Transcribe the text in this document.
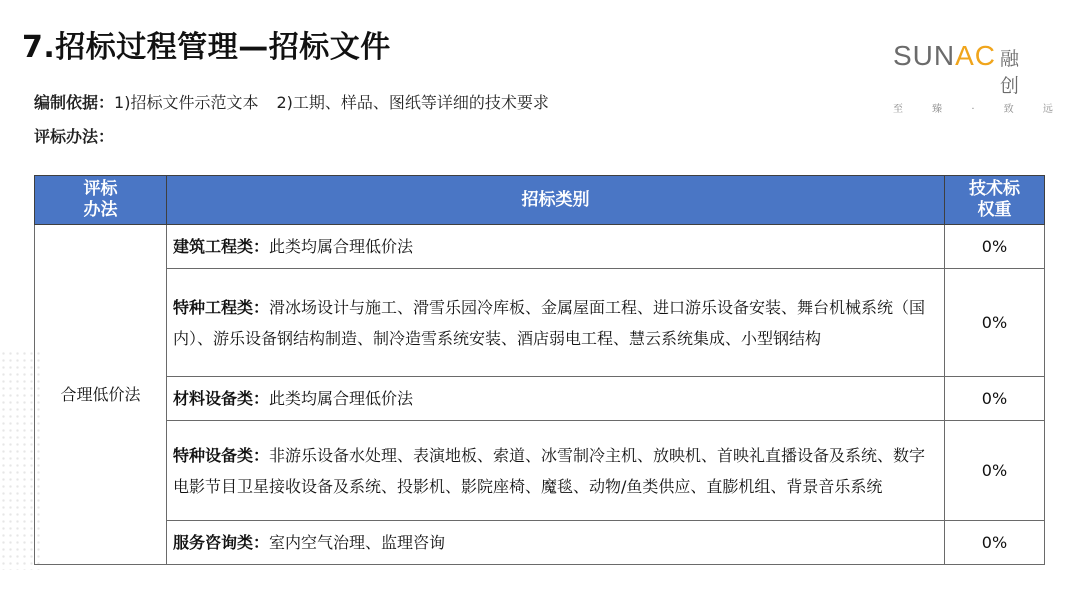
7.招标过程管理—招标文件	SUNAC 融创
至 臻 · 致 远
编制依据：1)招标文件示范文本 2)工期、样品、图纸等详细的技术要求
评标办法：
评标
办法	招标类别	技术标
权重
合理低价法	建筑工程类：此类均属合理低价法	0%
	特种工程类：滑冰场设计与施工、滑雪乐园冷库板、金属屋面工程、进口游乐设备安装、舞台机械系统（国内）、游乐设备钢结构制造、制冷造雪系统安装、酒店弱电工程、慧云系统集成、小型钢结构	0%
	材料设备类：此类均属合理低价法	0%
	特种设备类：非游乐设备水处理、表演地板、索道、冰雪制冷主机、放映机、首映礼直播设备及系统、数字电影节目卫星接收设备及系统、投影机、影院座椅、魔毯、动物/鱼类供应、直膨机组、背景音乐系统	0%
	服务咨询类：室内空气治理、监理咨询	0%
